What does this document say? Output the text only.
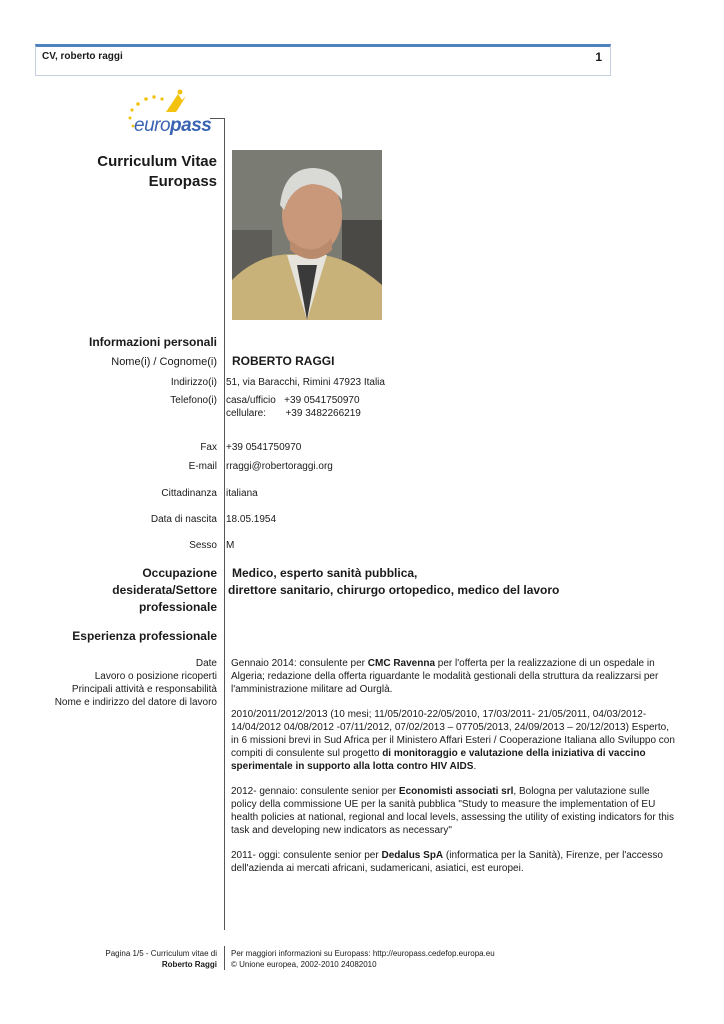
CV, roberto raggi	1
europass
Curriculum Vitae
Europass
Informazioni personali
Nome(i) / Cognome(i) ROBERTO RAGGI
Indirizzo(i) 51, via Baracchi, Rimini 47923 Italia
Telefono(i) casa/ufficio   +39 0541750970
cellulare:       +39 3482266219
Fax +39 0541750970
E-mail rraggi@robertoraggi.org
Cittadinanza italiana
Data di nascita 18.05.1954
Sesso M
Occupazione
desiderata/Settore
professionale
Medico, esperto sanità pubblica,
direttore sanitario, chirurgo ortopedico, medico del lavoro
Esperienza professionale
Date
Lavoro o posizione ricoperti
Principali attività e responsabilità
Nome e indirizzo del datore di lavoro

Gennaio 2014: consulente per CMC Ravenna per l'offerta per la realizzazione di un ospedale in Algeria; redazione della offerta riguardante le modalità gestionali della struttura da realizzarsi per l'amministrazione militare ad Ourglà.

2010/2011/2012/2013 (10 mesi; 11/05/2010-22/05/2010, 17/03/2011- 21/05/2011, 04/03/2012-14/04/2012 04/08/2012 -07/11/2012, 07/02/2013 – 07705/2013, 24/09/2013 – 20/12/2013) Esperto, in 6 missioni brevi in Sud Africa per il Ministero Affari Esteri / Cooperazione Italiana allo Sviluppo con compiti di consulente sul progetto di monitoraggio e valutazione della iniziativa di vaccino sperimentale in supporto alla lotta contro HIV AIDS.

2012- gennaio: consulente senior per Economisti associati srl, Bologna per valutazione sulle policy della commissione UE per la sanità pubblica "Study to measure the implementation of EU health policies at national, regional and local levels, assessing the utility of existing indicators for this task and developing new indicators as necessary"

2011- oggi: consulente senior per Dedalus SpA (informatica per la Sanità), Firenze, per l'accesso dell'azienda ai mercati africani, sudamericani, asiatici, est europei.

Pagina 1/5 - Curriculum vitae di
Roberto Raggi
Per maggiori informazioni su Europass: http://europass.cedefop.europa.eu
© Unione europea, 2002-2010 24082010
